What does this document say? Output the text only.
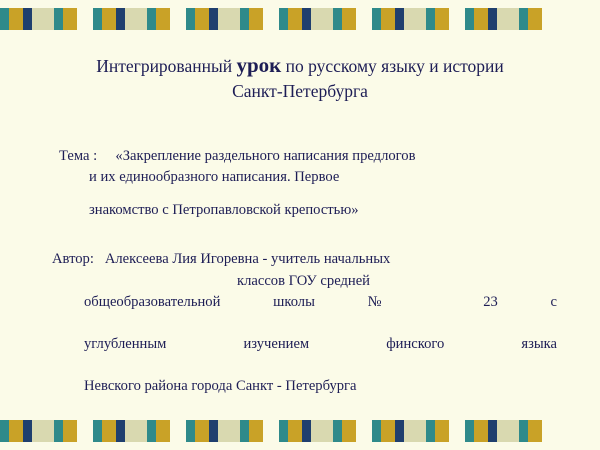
Интегрированный урок по русскому языку и истории
Санкт-Петербурга
Тема : «Закрепление раздельного написания предлогов
и их единообразного написания. Первое
знакомство с Петропавловской крепостью»
Автор: Алексеева Лия Игоревна - учитель начальных
классов ГОУ средней
общеобразовательной	школы № 23 с
углубленным изучением финского	языка
Невского района города Санкт - Петербурга
